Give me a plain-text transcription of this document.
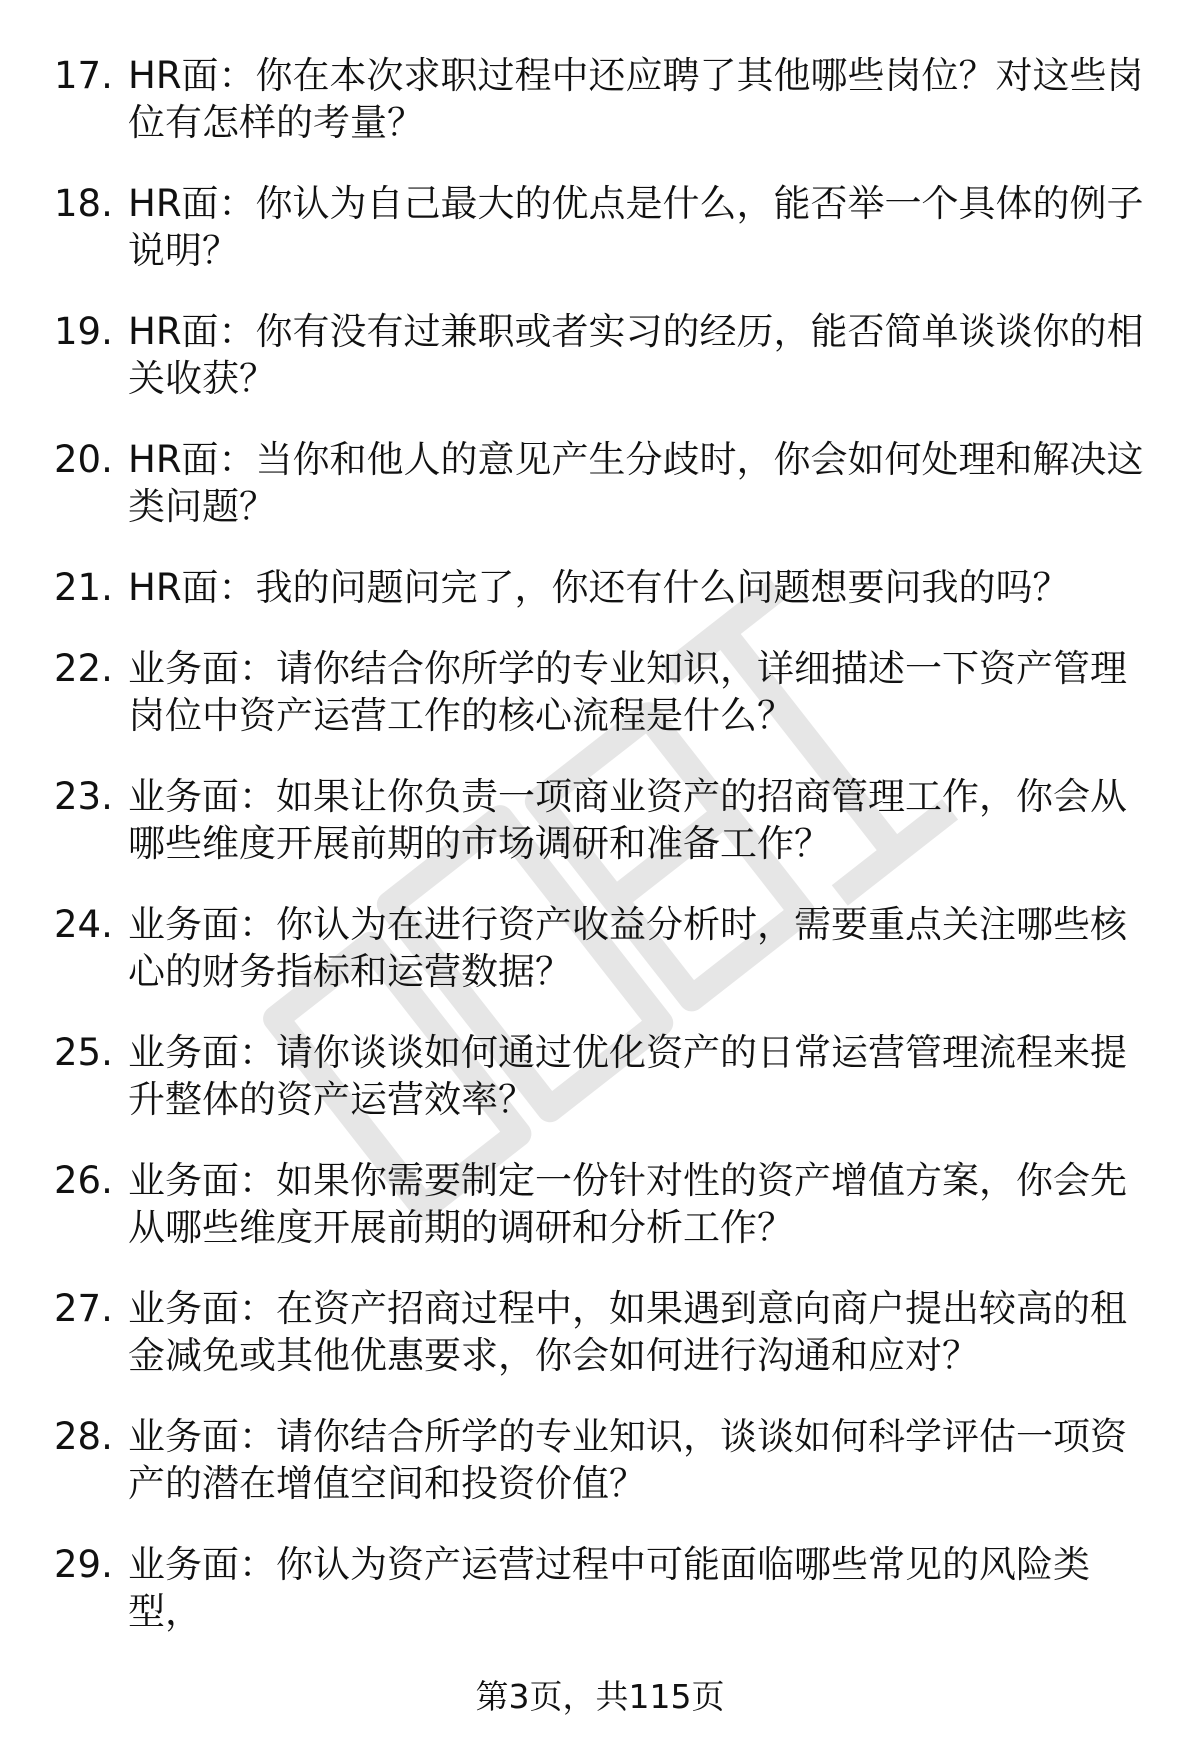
17. HR面：你在本次求职过程中还应聘了其他哪些岗位？对这些岗位有怎样的考量？
18. HR面：你认为自己最大的优点是什么，能否举一个具体的例子说明？
19. HR面：你有没有过兼职或者实习的经历，能否简单谈谈你的相关收获？
20. HR面：当你和他人的意见产生分歧时，你会如何处理和解决这类问题？
21. HR面：我的问题问完了，你还有什么问题想要问我的吗？
22. 业务面：请你结合你所学的专业知识，详细描述一下资产管理岗位中资产运营工作的核心流程是什么？
23. 业务面：如果让你负责一项商业资产的招商管理工作，你会从哪些维度开展前期的市场调研和准备工作？
24. 业务面：你认为在进行资产收益分析时，需要重点关注哪些核心的财务指标和运营数据？
25. 业务面：请你谈谈如何通过优化资产的日常运营管理流程来提升整体的资产运营效率？
26. 业务面：如果你需要制定一份针对性的资产增值方案，你会先从哪些维度开展前期的调研和分析工作？
27. 业务面：在资产招商过程中，如果遇到意向商户提出较高的租金减免或其他优惠要求，你会如何进行沟通和应对？
28. 业务面：请你结合所学的专业知识，谈谈如何科学评估一项资产的潜在增值空间和投资价值？
29. 业务面：你认为资产运营过程中可能面临哪些常见的风险类型，
第3页，共115页
